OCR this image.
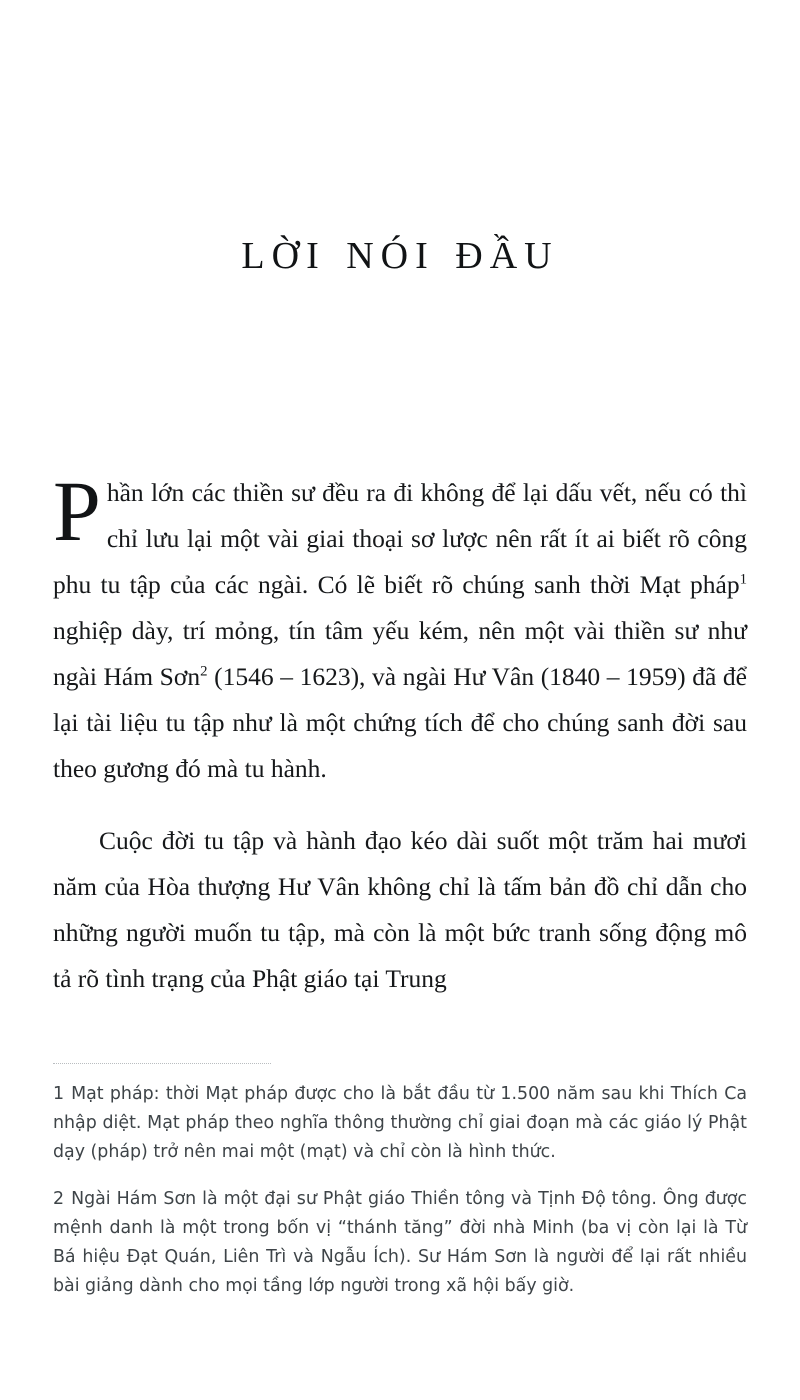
lời nói đầu

Phần lớn các thiền sư đều ra đi không để lại dấu vết, nếu có thì chỉ lưu lại một vài giai thoại sơ lược nên rất ít ai biết rõ công phu tu tập của các ngài. Có lẽ biết rõ chúng sanh thời Mạt pháp$^1$ nghiệp dày, trí mỏng, tín tâm yếu kém, nên một vài thiền sư như ngài Hám Sơn$^2$ (1546 – 1623), và ngài Hư Vân (1840 – 1959) đã để lại tài liệu tu tập như là một chứng tích để cho chúng sanh đời sau theo gương đó mà tu hành.

Cuộc đời tu tập và hành đạo kéo dài suốt một trăm hai mươi năm của Hòa thượng Hư Vân không chỉ là tấm bản đồ chỉ dẫn cho những người muốn tu tập, mà còn là một bức tranh sống động mô tả rõ tình trạng của Phật giáo tại Trung

1 Mạt pháp: thời Mạt pháp được cho là bắt đầu từ 1.500 năm sau khi Thích Ca nhập diệt. Mạt pháp theo nghĩa thông thường chỉ giai đoạn mà các giáo lý Phật dạy (pháp) trở nên mai một (mạt) và chỉ còn là hình thức.

2 Ngài Hám Sơn là một đại sư Phật giáo Thiền tông và Tịnh Độ tông. Ông được mệnh danh là một trong bốn vị “thánh tăng” đời nhà Minh (ba vị còn lại là Từ Bá hiệu Đạt Quán, Liên Trì và Ngẫu Ích). Sư Hám Sơn là người để lại rất nhiều bài giảng dành cho mọi tầng lớp người trong xã hội bấy giờ.
